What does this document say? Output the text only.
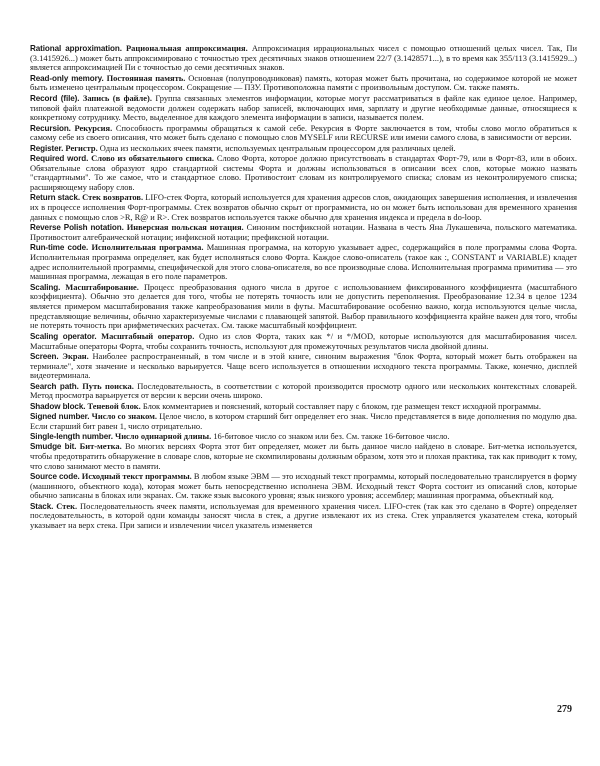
Rational approximation. Рациональная аппроксимация. Аппроксимация иррациональных чисел с помощью отношений целых чисел. Так, Пи (3.1415926...) может быть аппроксимировано с точностью трех десятичных знаков отношением 22/7 (3.1428571...), в то время как 355/113 (3.1415929...) является аппроксимацией Пи с точностью до семи десятичных знаков.

Read-only memory. Постоянная память. Основная (полупроводниковая) память, которая может быть прочитана, но содержимое которой не может быть изменено центральным процессором. Сокращение — ПЗУ. Противоположна памяти с произвольным доступом. См. также память.

Record (file). Запись (в файле). Группа связанных элементов информации, которые могут рассматриваться в файле как единое целое. Например, типовой файл платежной ведомости должен содержать набор записей, включающих имя, зарплату и другие необходимые данные, относящиеся к конкретному сотруднику. Место, выделенное для каждого элемента информации в записи, называется полем.

Recursion. Рекурсия. Способность программы обращаться к самой себе. Рекурсия в Форте заключается в том, чтобы слово могло обратиться к самому себе из своего описания, что может быть сделано с помощью слов MYSELF или RECURSE или имени самого слова, в зависимости от версии.

Register. Регистр. Одна из нескольких ячеек памяти, используемых центральным процессором для различных целей.

Required word. Слово из обязательного списка. Слово Форта, которое должно присутствовать в стандартах Форт-79, или в Форт-83, или в обоих. Обязательные слова образуют ядро стандартной системы Форта и должны использоваться в описании всех слов, которые можно назвать "стандартными". То же самое, что и стандартное слово. Противостоит словам из контролируемого списка; словам из неконтролируемого списка; расширяющему набору слов.

Return stack. Стек возвратов. LIFO-стек Форта, который используется для хранения адресов слов, ожидающих завершения исполнения, и извлечения их в процессе исполнения Форт-программы. Стек возвратов обычно скрыт от программиста, но он может быть использован для временного хранения данных с помощью слов >R, R@ и R>. Стек возвратов используется также обычно для хранения индекса и предела в do-loop.

Reverse Polish notation. Инверсная польская нотация. Синоним постфиксной нотации. Названа в честь Яна Лукашевича, польского математика. Противостоит алгебраической нотации; инфиксной нотации; префиксной нотации.

Run-time code. Исполнительная программа. Машинная программа, на которую указывает адрес, содержащийся в поле программы слова Форта. Исполнительная программа определяет, как будет исполняться слово Форта. Каждое слово-описатель (такое как :, CONSTANT и VARIABLE) кладет адрес исполнительной программы, специфической для этого слова-описателя, во все производные слова. Исполнительная программа примитива — это машинная программа, лежащая в его поле параметров.

Scaling. Масштабирование. Процесс преобразования одного числа в другое с использованием фиксированного коэффициента (масштабного коэффициента). Обычно это делается для того, чтобы не потерять точность или не допустить переполнения. Преобразование 12.34 в целое 1234 является примером масштабирования также капреобразования мили в футы. Масштабирование особенно важно, когда используются целые числа, представляющие величины, обычно характеризуемые числами с плавающей запятой. Выбор правильного коэффициента крайне важен для того, чтобы не потерять точность при арифметических расчетах. См. также масштабный коэффициент.

Scaling operator. Масштабный оператор. Одно из слов Форта, таких как */ и */MOD, которые используются для масштабирования чисел. Масштабные операторы Форта, чтобы сохранить точность, используют для промежуточных результатов числа двойной длины.

Screen. Экран. Наиболее распространенный, в том числе и в этой книге, синоним выражения "блок Форта, который может быть отображен на терминале", хотя значение и несколько варьируется. Чаще всего используется в отношении исходного текста программы. Также, конечно, дисплей видеотерминала.

Search path. Путь поиска. Последовательность, в соответствии с которой производится просмотр одного или нескольких контекстных словарей. Метод просмотра варьируется от версии к версии очень широко.

Shadow block. Теневой блок. Блок комментариев и пояснений, который составляет пару с блоком, где размещен текст исходной программы.

Signed number. Число со знаком. Целое число, в котором старший бит определяет его знак. Число представляется в виде дополнения по модулю два. Если старший бит равен 1, число отрицательно.

Single-length number. Число одинарной длины. 16-битовое число со знаком или без. См. также 16-битовое число.

Smudge bit. Бит-метка. Во многих версиях Форта этот бит определяет, может ли быть данное число найдено в словаре. Бит-метка используется, чтобы предотвратить обнаружение в словаре слов, которые не скомпилированы должным образом, хотя это и плохая практика, так как приводит к тому, что слово занимают место в памяти.

Source code. Исходный текст программы. В любом языке ЭВМ — это исходный текст программы, который последовательно транслируется в форму (машинного, объектного кода), которая может быть непосредственно исполнена ЭВМ. Исходный текст Форта состоит из описаний слов, которые обычно записаны в блоках или экранах. См. также язык высокого уровня; язык низкого уровня; ассемблер; машинная программа, объектный код.

Stack. Стек. Последовательность ячеек памяти, используемая для временного хранения чисел. LIFO-стек (так как это сделано в Форте) определяет последовательность, в которой одни команды заносят числа в стек, а другие извлекают их из стека. Стек управляется указателем стека, который указывает на верх стека. При записи и извлечении чисел указатель изменяется

279
